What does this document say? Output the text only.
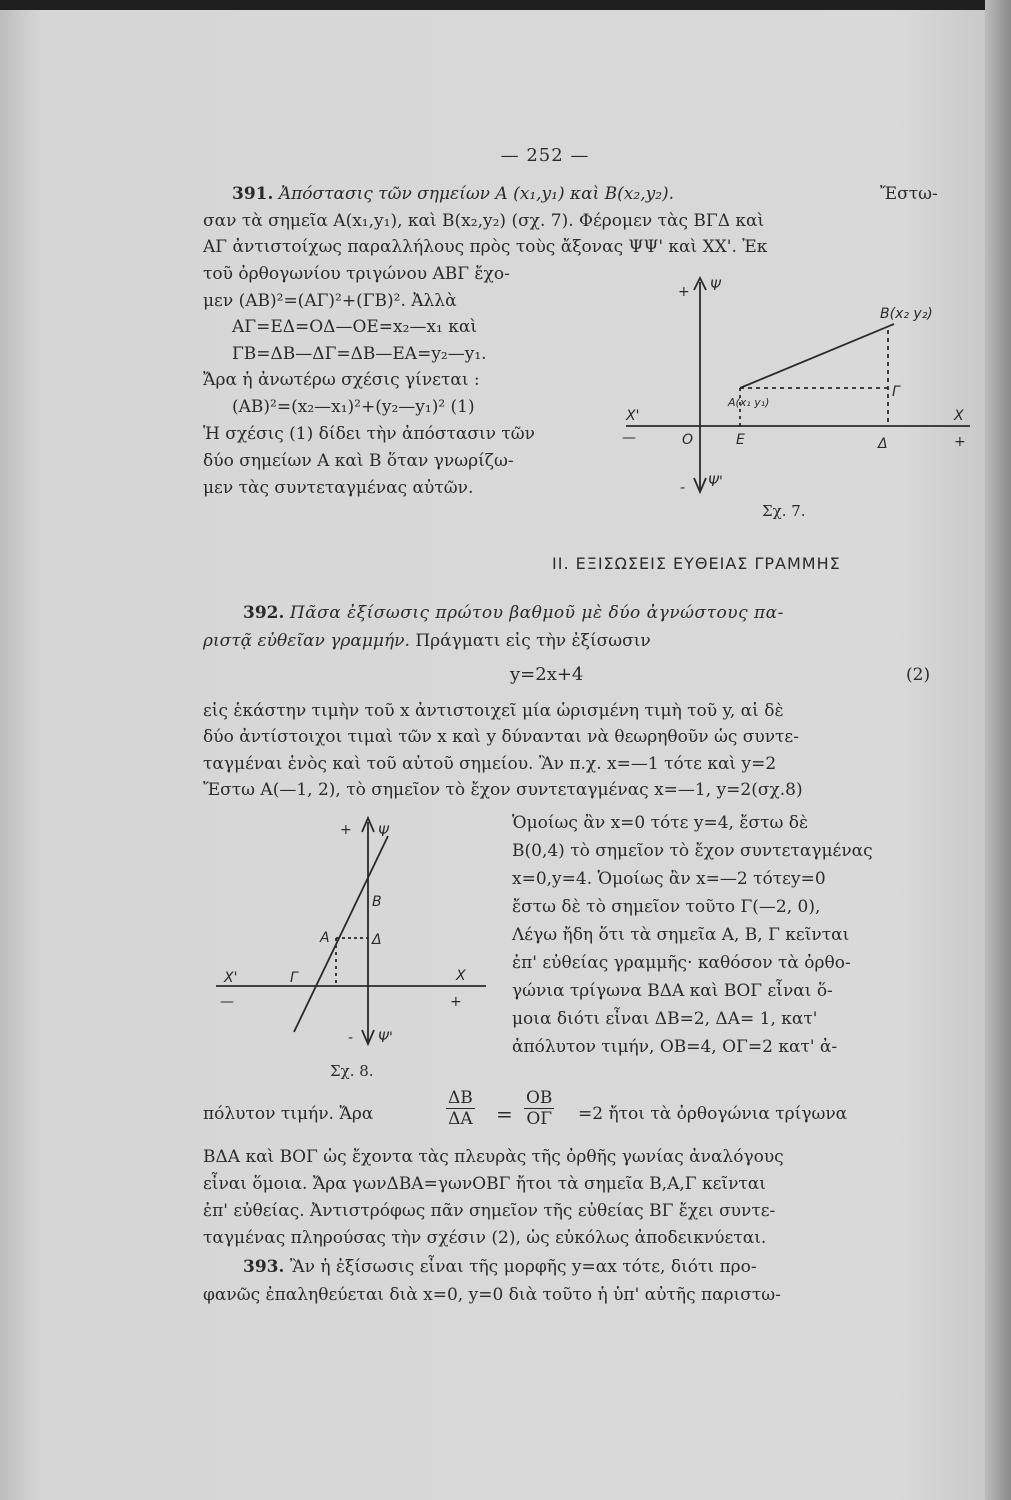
— 252 —
391. Ἀπόστασις τῶν σημείων Α (x₁,y₁) καὶ Β(x₂,y₂).	Ἔστω-
σαν τὰ σημεῖα Α(x₁,y₁), καὶ Β(x₂,y₂) (σχ. 7). Φέρομεν τὰς ΒΓΔ καὶ
ΑΓ ἀντιστοίχως παραλλήλους πρὸς τοὺς ἄξονας ΨΨ' καὶ XX'. Ἐκ
τοῦ ὀρθογωνίου τριγώνου ΑΒΓ ἔχο-
μεν (ΑΒ)²=(ΑΓ)²+(ΓΒ)². Ἀλλὰ
ΑΓ=ΕΔ=ΟΔ—ΟΕ=x₂—x₁ καὶ
ΓΒ=ΔΒ—ΔΓ=ΔΒ—ΕΑ=y₂—y₁.
Ἄρα ἡ ἀνωτέρω σχέσις γίνεται :
(ΑΒ)²=(x₂—x₁)²+(y₂—y₁)² (1)
Ἡ σχέσις (1) δίδει τὴν ἀπόστασιν τῶν
δύο σημείων Α καὶ Β ὅταν γνωρίζω-
μεν τὰς συντεταγμένας αὐτῶν.
+ Ψ
B(x₂ y₂)
A(x₁ y₁)
Γ
X'
O	E	Δ
X
+
—
- Ψ'
Σχ. 7.
ΙΙ. ΕΞΙΣΩΣΕΙΣ ΕΥΘΕΙΑΣ ΓΡΑΜΜΗΣ
392. Πᾶσα ἐξίσωσις πρώτου βαθμοῦ μὲ δύο ἀγνώστους πα-
ριστᾷ εὐθεῖαν γραμμήν. Πράγματι εἰς τὴν ἐξίσωσιν
y=2x+4	(2)
εἰς ἑκάστην τιμὴν τοῦ x ἀντιστοιχεῖ μία ὡρισμένη τιμὴ τοῦ y, αἱ δὲ
δύο ἀντίστοιχοι τιμαὶ τῶν x καὶ y δύνανται νὰ θεωρηθοῦν ὡς συντε-
ταγμέναι ἑνὸς καὶ τοῦ αὐτοῦ σημείου. Ἂν π.χ. x=—1 τότε καὶ y=2
Ἔστω Α(—1, 2), τὸ σημεῖον τὸ ἔχον συντεταγμένας x=—1, y=2(σχ.8)
Ὁμοίως ἂν x=0 τότε y=4, ἔστω δὲ
Β(0,4) τὸ σημεῖον τὸ ἔχον συντεταγμένας
x=0,y=4. Ὁμοίως ἂν x=—2 τότεy=0
ἔστω δὲ τὸ σημεῖον τοῦτο Γ(—2, 0),
Λέγω ἤδη ὅτι τὰ σημεῖα Α, Β, Γ κεῖνται
ἐπ' εὐθείας γραμμῆς· καθόσον τὰ ὀρθο-
γώνια τρίγωνα ΒΔΑ καὶ ΒΟΓ εἶναι ὅ-
μοια διότι εἶναι ΔΒ=2, ΔΑ= 1, κατ'
ἀπόλυτον τιμήν, ΟΒ=4, ΟΓ=2 κατ' ἀ-
+ Ψ
B
A	Δ
Γ
X'	X
—	+
- Ψ'
Σχ. 8.
πόλυτον τιμήν. Ἄρα	$\frac{\Delta B}{\Delta A} = \frac{OB}{O\Gamma} =2$ ἤτοι τὰ ὀρθογώνια τρίγωνα
ΒΔΑ καὶ ΒΟΓ ὡς ἔχοντα τὰς πλευρὰς τῆς ὀρθῆς γωνίας ἀναλόγους
εἶναι ὅμοια. Ἄρα γωνΔΒΑ=γωνΟΒΓ ἤτοι τὰ σημεῖα Β,Α,Γ κεῖνται
ἐπ' εὐθείας. Ἀντιστρόφως πᾶν σημεῖον τῆς εὐθείας ΒΓ ἔχει συντε-
ταγμένας πληρούσας τὴν σχέσιν (2), ὡς εὐκόλως ἀποδεικνύεται.
393. Ἂν ἡ ἐξίσωσις εἶναι τῆς μορφῆς y=αx τότε, διότι προ-
φανῶς ἐπαληθεύεται διὰ x=0, y=0 διὰ τοῦτο ἡ ὑπ' αὐτῆς παριστω-
